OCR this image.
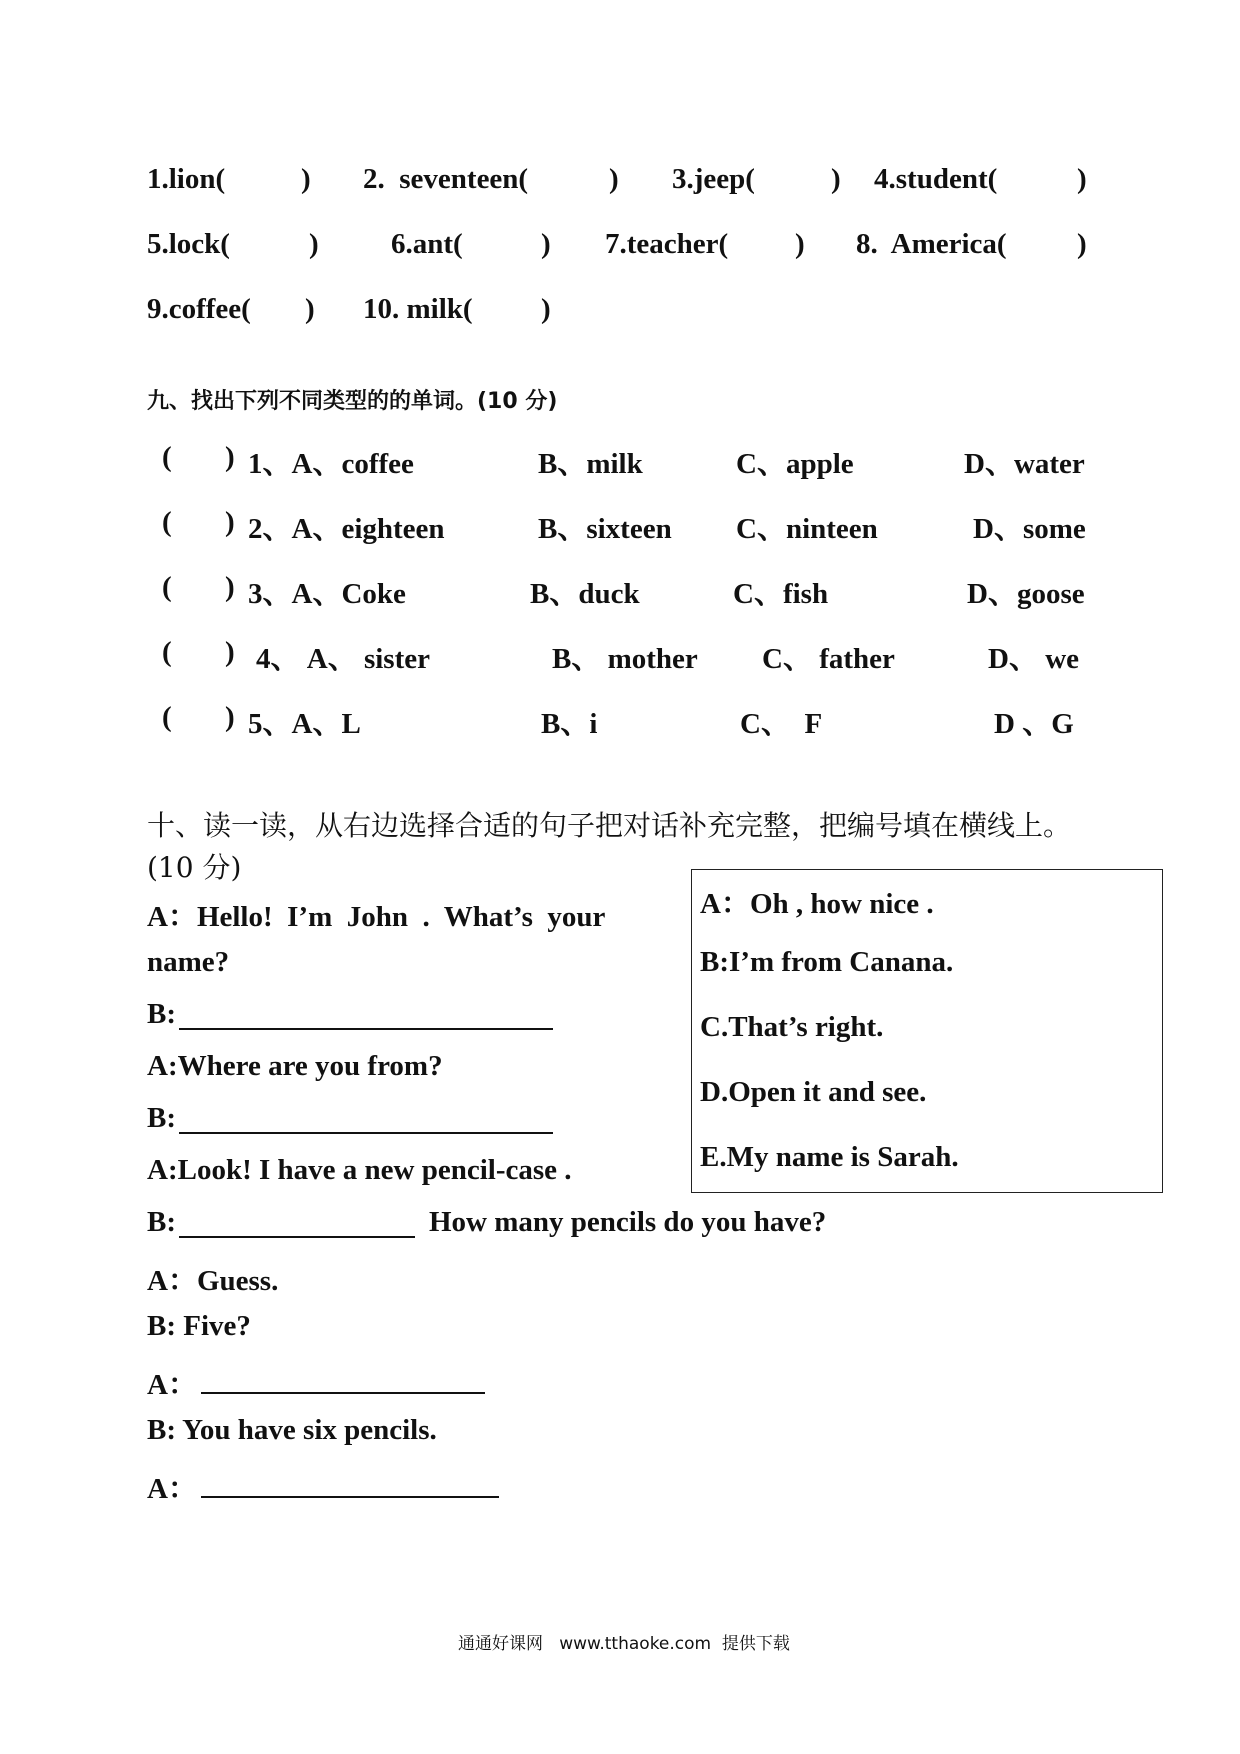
1.lion(	) 2.  seventeen(	) 3.jeep(	) 4.student(	)
5.lock(	) 6.ant(	) 7.teacher( ) 8.  America( )
9.coffee( ) 10. milk( )
九、找出下列不同类型的的单词。(10 分)
( ) 1、A、coffee	B、milk	C、apple	D、water
( ) 2、A、eighteen	B、sixteen C、ninteen	D、some
( ) 3、A、Coke	B、duck	C、fish	D、goose
( ) 4、 A、 sister	B、 mother C、 father	D、 we
( ) 5、A、L	B、i	C、  F	D 、G
十、读一读，从右边选择合适的句子把对话补充完整，把编号填在横线上。
(10 分)
A：Hello!  I’m  John  .  What’s  your
name?
B:
A:Where are you from?
B:
A:Look! I have a new pencil-case .
B:	How many pencils do you have?
A：Guess.
B: Five?
A：
B: You have six pencils.
A：
A：Oh , how nice .
B:I’m from Canana.
C.That’s right.
D.Open it and see.
E.My name is Sarah.
通通好课网   www.tthaoke.com  提供下载
